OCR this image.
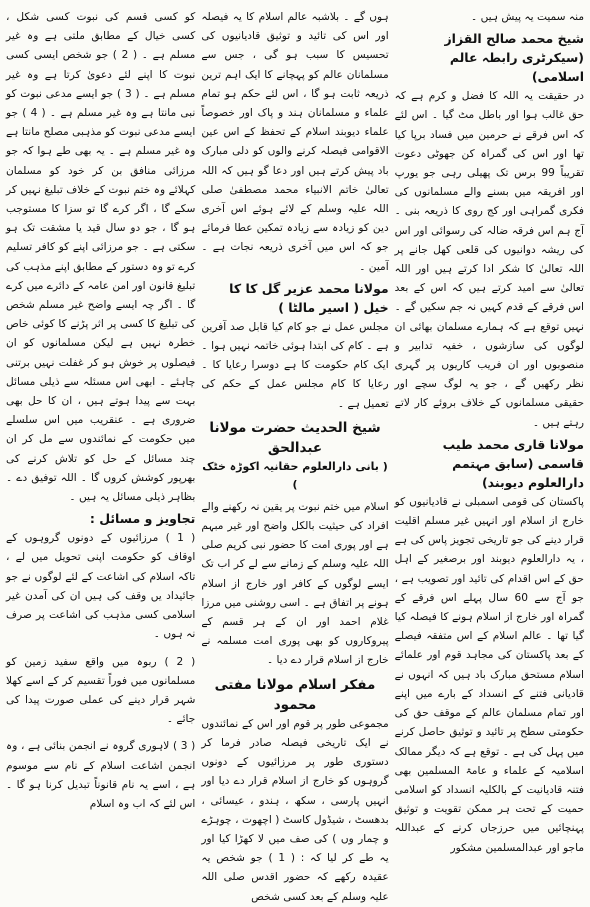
منہ سمیت یہ پیش ہیں ۔

شیخ محمد صالح القزاز (سیکرٹری رابطہ عالم اسلامی)

در حقیقت یہ اللہ کا فضل و کرم ہے کہ حق غالب ہوا اور باطل مٹ گیا ۔ اس لئے کہ اس فرقے نے حرمین میں فساد برپا کیا تھا اور اس کی گمراہ کن جھوٹی دعوت تقریباً 99 برس تک پھیلی رہی جو یورپ اور افریقہ میں بسنے والے مسلمانوں کی فکری گمراہی اور کج روی کا ذریعہ بنی ۔ آج ہم اس فرقہ ضالہ کی رسوائی اور اس کی ریشہ دوانیوں کی قلعی کھل جانے پر اللہ تعالیٰ کا شکر ادا کرتے ہیں اور اللہ تعالیٰ سے امید کرتے ہیں کہ اس کے بعد اس فرقے کے قدم کہیں نہ جم سکیں گے ۔ نہیں توقع ہے کہ ہمارے مسلمان بھائی ان لوگوں کی سازشوں ، خفیہ تدابیر و منصوبوں اور ان فریب کاریوں پر گہری نظر رکھیں گے ، جو یہ لوگ سچے اور حقیقی مسلمانوں کے خلاف بروئے کار لاتے رہتے ہیں ۔

مولانا قاری محمد طیب قاسمی (سابق مہتمم دارالعلوم دیوبند)

پاکستان کی قومی اسمبلی نے قادیانیوں کو خارج از اسلام اور انہیں غیر مسلم اقلیت قرار دینے کی جو تاریخی تجویز پاس کی ہے ، یہ دارالعلوم دیوبند اور برصغیر کے اہل حق کے اس اقدام کی تائید اور تصویب ہے ، جو آج سے 60 سال پہلے اس فرقے کے گمراہ اور خارج از اسلام ہونے کا فیصلہ کیا گیا تھا ۔ عالم اسلام کے اس متفقہ فیصلے کے بعد پاکستان کی مجاہد قوم اور علمائے اسلام مستحق مبارک باد ہیں کہ انہوں نے قادیانی فتنے کے انسداد کے بارے میں اپنے اور تمام مسلمان عالم کے موقف حق کی حکومتی سطح پر تائید و توثیق حاصل کرنے میں پہل کی ہے ۔ توقع ہے کہ دیگر ممالک اسلامیہ کے علماء و عامۃ المسلمین بھی فتنہ قادیانیت کے بالکلیہ انسداد کو اسلامی حمیت کے تحت ہر ممکن تقویت و توثیق پہنچائیں میں حرزجاں کرنے کے عبداللہ ماجو اور عبدالمسلمین مشکور

ہوں گے ۔ بلاشبہ عالم اسلام کا یہ فیصلہ اور اس کی تائید و توثیق قادیانیوں کی تحسیس کا سبب ہو گی ، جس سے مسلمانان عالم کو پہچانے کا ایک اہم ترین ذریعہ ثابت ہو گا ، اس لئے حکم ہو تمام علماء و مسلمانان ہند و پاک اور خصوصاً علماء دیوبند اسلام کے تحفظ کے اس عین الاقوامی فیصلہ کرنے والوں کو دلی مبارک باد پیش کرتے ہیں اور دعا گو ہیں کہ اللہ تعالیٰ خاتم الانبیاء محمد مصطفیٰ صلی اللہ علیہ وسلم کے لائے ہوئے اس آخری دین کو زیادہ سے زیادہ تمکین عطا فرمائے جو کہ اس میں آخری ذریعہ نجات ہے ۔ آمین ۔

مولانا محمد عزیر گل کا کا خیل ( اسیر مالٹا )

مجلس عمل نے جو کام کیا قابل صد آفرین ہے ۔ کام کی ابتدا ہوئی خاتمہ نہیں ہوا ۔ ایک کام حکومت کا ہے دوسرا رعایا کا ۔ رعایا کا کام مجلس عمل کے حکم کی تعمیل ہے ۔

شیخ الحدیث حضرت مولانا عبدالحق
( بانی دارالعلوم حقانیہ اکوڑہ خٹک )

اسلام میں ختم نبوت پر یقین نہ رکھنے والے افراد کی حیثیت بالکل واضح اور غیر مبہم ہے اور پوری امت کا حضور نبی کریم صلی اللہ علیہ وسلم کے زمانے سے لے کر اب تک ایسے لوگوں کے کافر اور خارج از اسلام ہونے پر اتفاق ہے ۔ اسی روشنی میں مرزا غلام احمد اور ان کے ہر قسم کے پیروکاروں کو بھی پوری امت مسلمہ نے خارج از اسلام قرار دے دیا ۔

مفکر اسلام مولانا مفتی محمود

مجموعی طور پر قوم اور اس کے نمائندوں نے ایک تاریخی فیصلہ صادر فرما کر دستوری طور پر مرزائیوں کے دونوں گروہوں کو خارج از اسلام قرار دے دیا اور انہیں پارسی ، سکھ ، ہندو ، عیسائی ، بدھسٹ ، شیڈول کاسٹ ( اچھوت ، چوہڑے و چمار وں ) کی صف میں لا کھڑا کیا اور یہ طے کر لیا کہ : ( 1 ) جو شخص یہ عقیدہ رکھے کہ حضور اقدس صلی اللہ علیہ وسلم کے بعد کسی شخص

کو کسی قسم کی نبوت کسی شکل ، کسی خیال کے مطابق ملتی ہے وہ غیر مسلم ہے ۔ ( 2 ) جو شخص ایسی کسی نبوت کا اپنے لئے دعویٰ کرتا ہے وہ غیر مسلم ہے ۔ ( 3 ) جو ایسے مدعی نبوت کو نبی مانتا ہے وہ غیر مسلم ہے ۔ ( 4 ) جو ایسے مدعی نبوت کو مذہبی مصلح مانتا ہے وہ غیر مسلم ہے ۔ یہ بھی طے ہوا کہ جو مرزائی منافق بن کر خود کو مسلمان کہلائے وہ ختم نبوت کے خلاف تبلیغ نہیں کر سکے گا ، اگر کرے گا تو سزا کا مستوجب ہو گا ، جو دو سال قید یا مشقت تک ہو سکتی ہے ۔ جو مرزائی اپنے کو کافر تسلیم کرے تو وہ دستور کے مطابق اپنے مذہب کی تبلیغ قانون اور امن عامہ کے دائرے میں کرے گا ۔ اگر چہ ایسے واضح غیر مسلم شخص کی تبلیغ کا کسی پر اثر پڑنے کا کوئی خاص خطرہ نہیں ہے لیکن مسلمانوں کو ان فیصلوں پر خوش ہو کر غفلت نہیں برتنی چاہئے ۔ ابھی اس مسئلہ سے ذیلی مسائل بہت سے پیدا ہوتے ہیں ، ان کا حل بھی ضروری ہے ۔ عنقریب میں اس سلسلے میں حکومت کے نمائندوں سے مل کر ان چند مسائل کے حل کو تلاش کرنے کی بھرپور کوشش کروں گا ۔ اللہ توفیق دے ۔ بظاہر ذیلی مسائل یہ ہیں ۔

تجاویز و مسائل :

( 1 ) مرزائیوں کے دونوں گروہوں کے اوقاف کو حکومت اپنی تحویل میں لے ، تاکہ اسلام کی اشاعت کے لئے لوگوں نے جو جائیداد یں وقف کی ہیں ان کی آمدن غیر اسلامی کسی مذہب کی اشاعت پر صرف نہ ہوں ۔

( 2 ) ربوہ میں واقع سفید زمین کو مسلمانوں میں فوراً تقسیم کر کے اسے کھلا شہر قرار دینے کی عملی صورت پیدا کی جائے ۔

( 3 ) لاہوری گروہ نے انجمن بنائی ہے ، وہ انجمن اشاعت اسلام کے نام سے موسوم ہے ، اسے یہ نام قانوناً تبدیل کرنا ہو گا ۔ اس لئے کہ اب وہ اسلام
